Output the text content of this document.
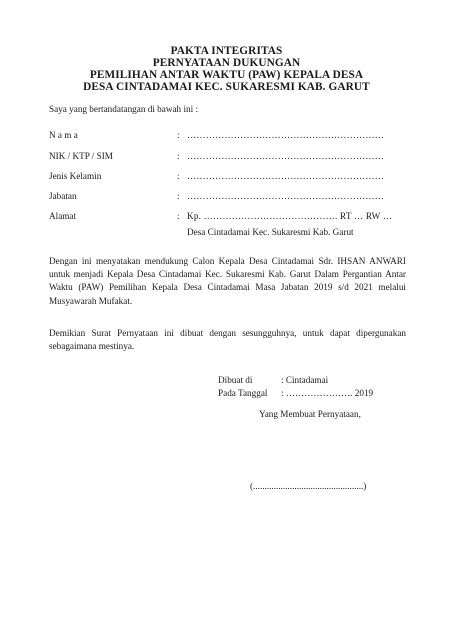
PAKTA INTEGRITAS
PERNYATAAN DUKUNGAN
PEMILIHAN ANTAR WAKTU (PAW) KEPALA DESA
DESA CINTADAMAI KEC. SUKARESMI KAB. GARUT
Saya yang bertandatangan di bawah ini :
N a m a	: ………………………………………………………
NIK / KTP / SIM	: ………………………………………………………
Jenis Kelamin	: ………………………………………………………
Jabatan	: ………………………………………………………
Alamat	: Kp. ……………………………………. RT … RW …
Desa Cintadamai Kec. Sukaresmi Kab. Garut
Dengan ini menyatakan mendukung Calon Kepala Desa Cintadamai Sdr. IHSAN ANWARI
untuk menjadi Kepala Desa Cintadamai Kec. Sukaresmi Kab. Garut Dalam Pergantian Antar
Waktu (PAW) Pemilihan Kepala Desa Cintadamai Masa Jabatan 2019 s/d 2021 melalui
Musyawarah Mufakat.
Demikian Surat Pernyataan ini dibuat dengan sesungguhnya, untuk dapat dipergunakan
sebagaimana mestinya.
Dibuat di	: Cintadamai
Pada Tanggal : …………………. 2019
Yang Membuat Pernyataan,
(................................................)
